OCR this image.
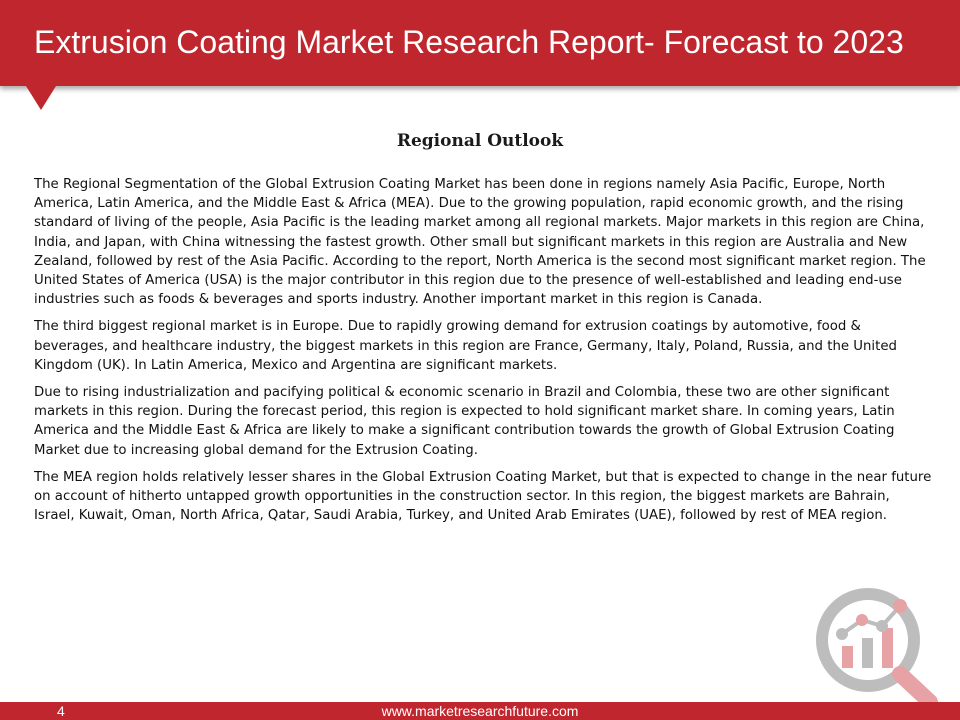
Extrusion Coating Market Research Report- Forecast to 2023
Regional Outlook

The Regional Segmentation of the Global Extrusion Coating Market has been done in regions namely Asia Pacific, Europe, North America, Latin America, and the Middle East & Africa (MEA). Due to the growing population, rapid economic growth, and the rising standard of living of the people, Asia Pacific is the leading market among all regional markets. Major markets in this region are China, India, and Japan, with China witnessing the fastest growth. Other small but significant markets in this region are Australia and New Zealand, followed by rest of the Asia Pacific. According to the report, North America is the second most significant market region. The United States of America (USA) is the major contributor in this region due to the presence of well-established and leading end-use industries such as foods & beverages and sports industry. Another important market in this region is Canada.

The third biggest regional market is in Europe. Due to rapidly growing demand for extrusion coatings by automotive, food & beverages, and healthcare industry, the biggest markets in this region are France, Germany, Italy, Poland, Russia, and the United Kingdom (UK). In Latin America, Mexico and Argentina are significant markets.

Due to rising industrialization and pacifying political & economic scenario in Brazil and Colombia, these two are other significant markets in this region. During the forecast period, this region is expected to hold significant market share. In coming years, Latin America and the Middle East & Africa are likely to make a significant contribution towards the growth of Global Extrusion Coating Market due to increasing global demand for the Extrusion Coating.

The MEA region holds relatively lesser shares in the Global Extrusion Coating Market, but that is expected to change in the near future on account of hitherto untapped growth opportunities in the construction sector. In this region, the biggest markets are Bahrain, Israel, Kuwait, Oman, North Africa, Qatar, Saudi Arabia, Turkey, and United Arab Emirates (UAE), followed by rest of MEA region.

www.marketresearchfuture.com
4
